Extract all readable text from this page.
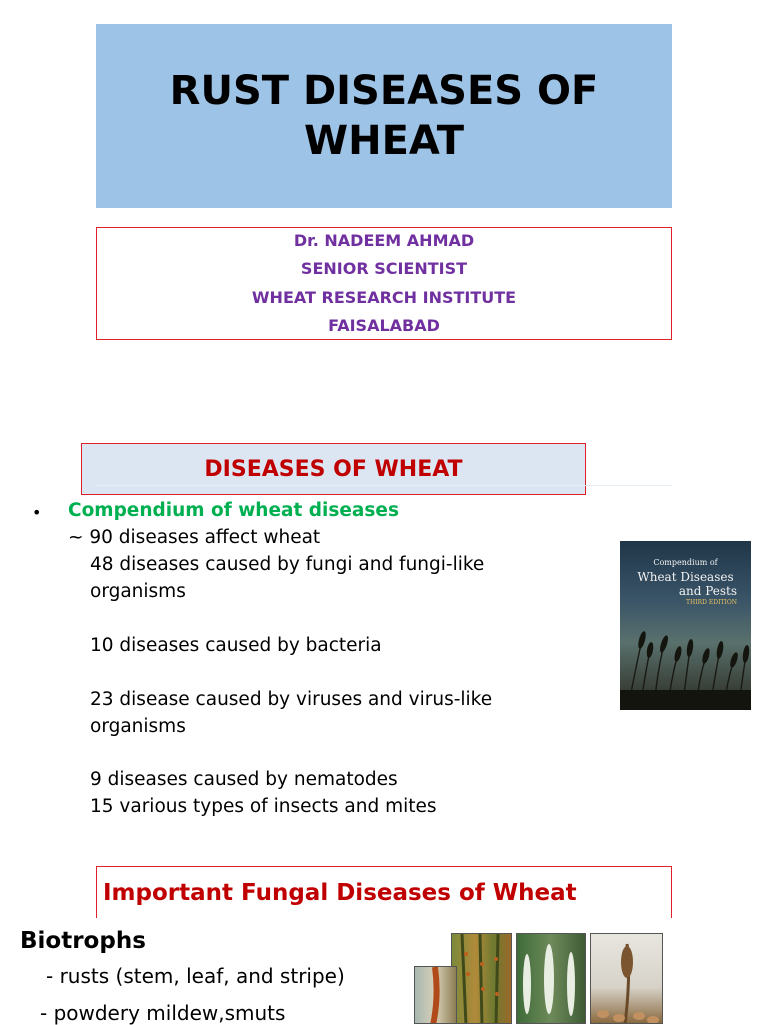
RUST DISEASES OF
WHEAT
Dr. NADEEM AHMAD
SENIOR SCIENTIST
WHEAT RESEARCH INSTITUTE
FAISALABAD
DISEASES OF WHEAT
• Compendium of wheat diseases
~ 90 diseases affect wheat
48 diseases caused by fungi and fungi-like
organisms
10 diseases caused by bacteria
23 disease caused by viruses and virus-like
organisms
9 diseases caused by nematodes
15 various types of insects and mites
Compendium of
Wheat Diseases
and Pests
THIRD EDITION
Important Fungal Diseases of Wheat
Biotrophs
- rusts (stem, leaf, and stripe)
- powdery mildew,smuts
